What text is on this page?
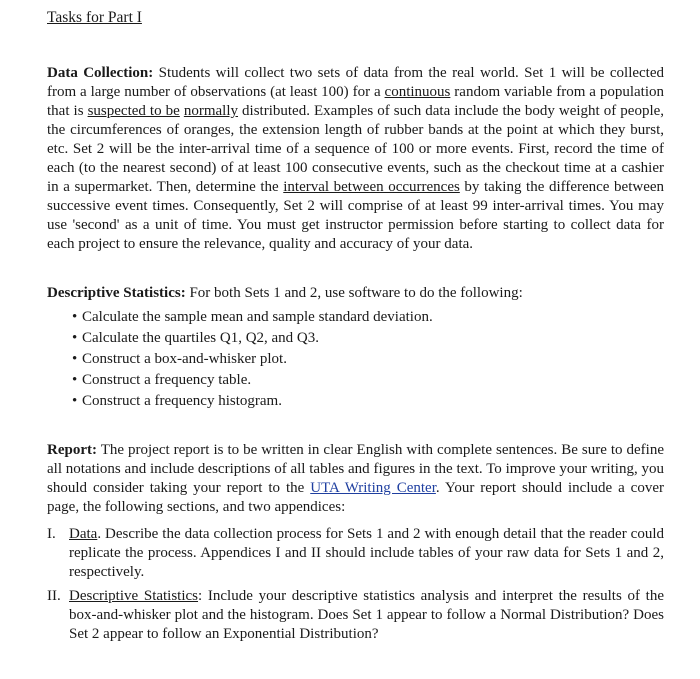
Tasks for Part I

Data Collection: Students will collect two sets of data from the real world. Set 1 will be collected from a large number of observations (at least 100) for a continuous random variable from a population that is suspected to be normally distributed. Examples of such data include the body weight of people, the circumferences of oranges, the extension length of rubber bands at the point at which they burst, etc. Set 2 will be the inter-arrival time of a sequence of 100 or more events. First, record the time of each (to the nearest second) of at least 100 consecutive events, such as the checkout time at a cashier in a supermarket. Then, determine the interval between occurrences by taking the difference between successive event times. Consequently, Set 2 will comprise of at least 99 inter-arrival times. You may use 'second' as a unit of time. You must get instructor permission before starting to collect data for each project to ensure the relevance, quality and accuracy of your data.

Descriptive Statistics: For both Sets 1 and 2, use software to do the following:

• Calculate the sample mean and sample standard deviation.
• Calculate the quartiles Q1, Q2, and Q3.
• Construct a box-and-whisker plot.
• Construct a frequency table.
• Construct a frequency histogram.

Report: The project report is to be written in clear English with complete sentences. Be sure to define all notations and include descriptions of all tables and figures in the text. To improve your writing, you should consider taking your report to the UTA Writing Center. Your report should include a cover page, the following sections, and two appendices:

I. Data. Describe the data collection process for Sets 1 and 2 with enough detail that the reader could replicate the process. Appendices I and II should include tables of your raw data for Sets 1 and 2, respectively.
II. Descriptive Statistics: Include your descriptive statistics analysis and interpret the results of the box-and-whisker plot and the histogram. Does Set 1 appear to follow a Normal Distribution? Does Set 2 appear to follow an Exponential Distribution?
